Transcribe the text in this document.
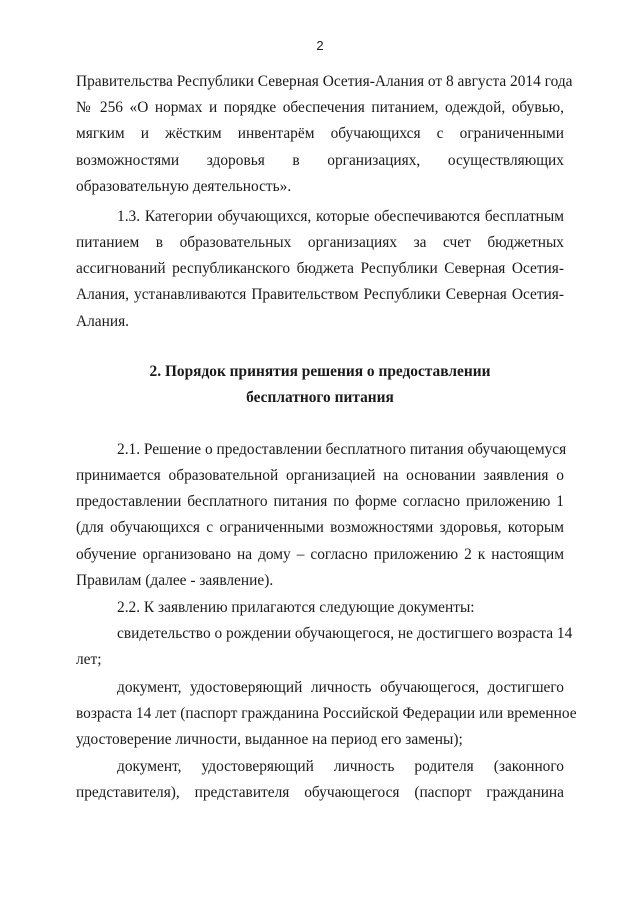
2
Правительства Республики Северная Осетия-Алания от 8 августа 2014 года
№ 256 «О нормах и порядке обеспечения питанием, одеждой, обувью,
мягким и жёстким инвентарём обучающихся с ограниченными
возможностями здоровья в организациях, осуществляющих
образовательную деятельность».
1.3. Категории обучающихся, которые обеспечиваются бесплатным
питанием в образовательных организациях за счет бюджетных
ассигнований республиканского бюджета Республики Северная Осетия-
Алания, устанавливаются Правительством Республики Северная Осетия-
Алания.
2. Порядок принятия решения о предоставлении
бесплатного питания
2.1. Решение о предоставлении бесплатного питания обучающемуся
принимается образовательной организацией на основании заявления о
предоставлении бесплатного питания по форме согласно приложению 1
(для обучающихся с ограниченными возможностями здоровья, которым
обучение организовано на дому – согласно приложению 2 к настоящим
Правилам (далее - заявление).
2.2. К заявлению прилагаются следующие документы:
свидетельство о рождении обучающегося, не достигшего возраста 14
лет;
документ, удостоверяющий личность обучающегося, достигшего
возраста 14 лет (паспорт гражданина Российской Федерации или временное
удостоверение личности, выданное на период его замены);
документ, удостоверяющий личность родителя (законного
представителя), представителя обучающегося (паспорт гражданина
